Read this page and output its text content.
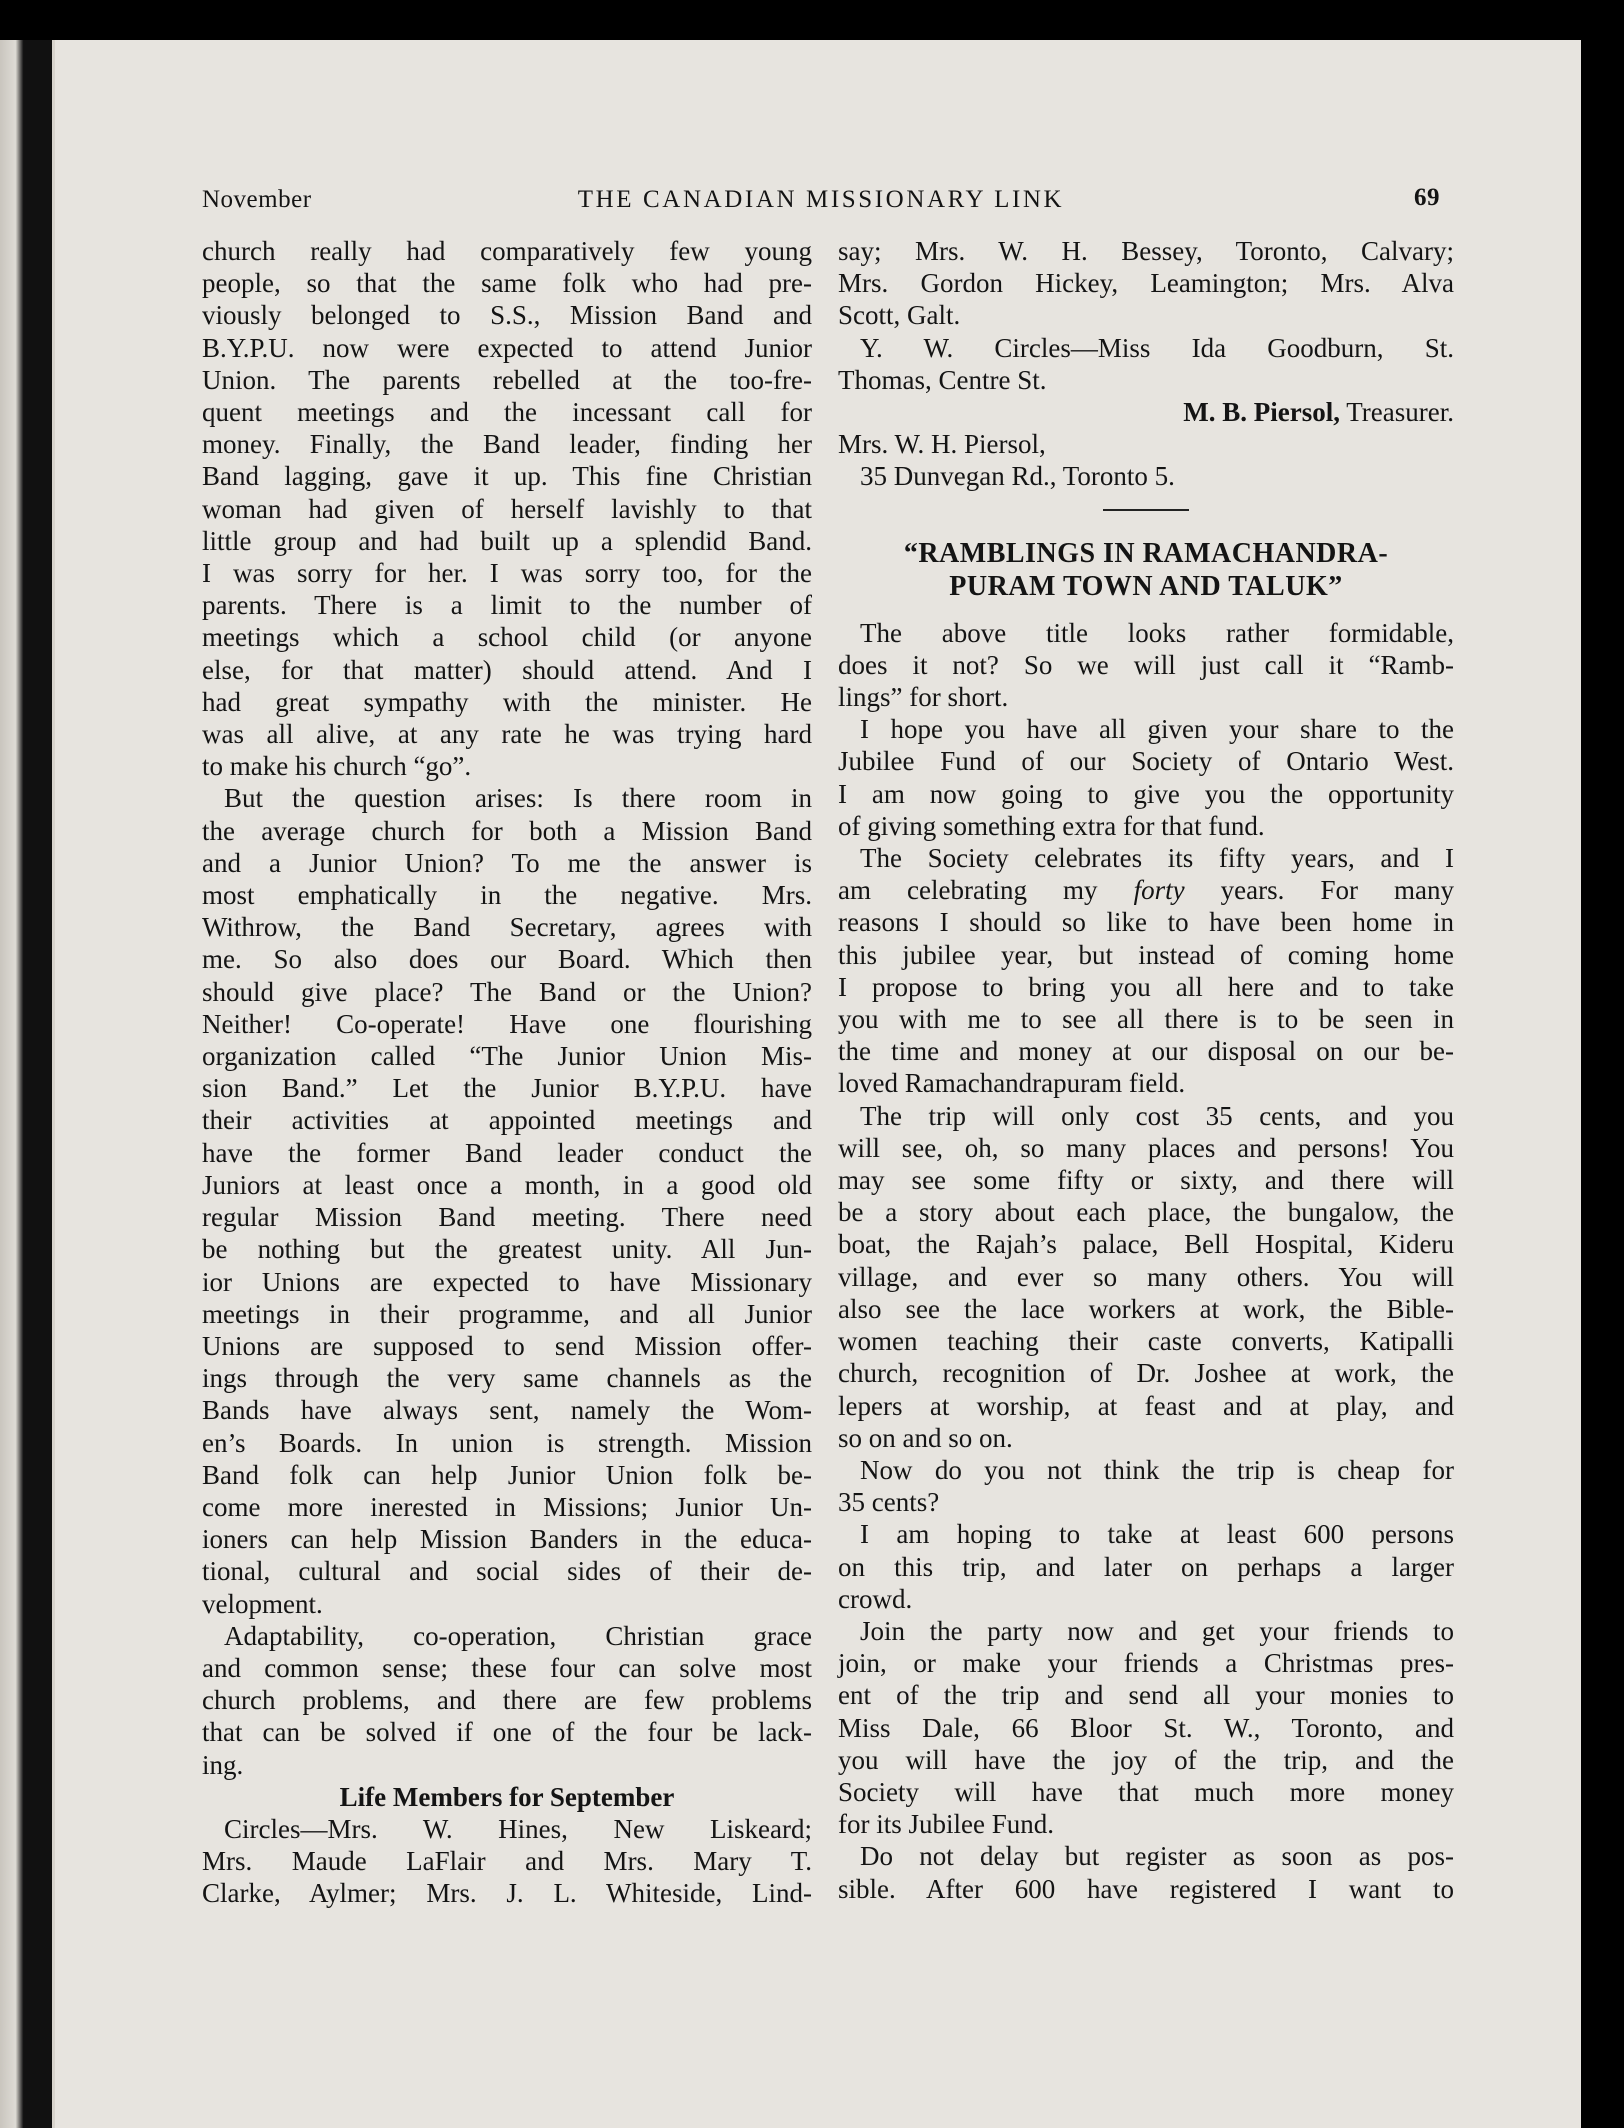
November	THE CANADIAN MISSIONARY LINK	69
church really had comparatively few young
people, so that the same folk who had pre-
viously belonged to S.S., Mission Band and
B.Y.P.U. now were expected to attend Junior
Union. The parents rebelled at the too-fre-
quent meetings and the incessant call for
money. Finally, the Band leader, finding her
Band lagging, gave it up. This fine Christian
woman had given of herself lavishly to that
little group and had built up a splendid Band.
I was sorry for her. I was sorry too, for the
parents. There is a limit to the number of
meetings which a school child (or anyone
else, for that matter) should attend. And I
had great sympathy with the minister. He
was all alive, at any rate he was trying hard
to make his church “go”.
But the question arises: Is there room in
the average church for both a Mission Band
and a Junior Union? To me the answer is
most emphatically in the negative. Mrs.
Withrow, the Band Secretary, agrees with
me. So also does our Board. Which then
should give place? The Band or the Union?
Neither! Co-operate! Have one flourishing
organization called “The Junior Union Mis-
sion Band.” Let the Junior B.Y.P.U. have
their activities at appointed meetings and
have the former Band leader conduct the
Juniors at least once a month, in a good old
regular Mission Band meeting. There need
be nothing but the greatest unity. All Jun-
ior Unions are expected to have Missionary
meetings in their programme, and all Junior
Unions are supposed to send Mission offer-
ings through the very same channels as the
Bands have always sent, namely the Wom-
en’s Boards. In union is strength. Mission
Band folk can help Junior Union folk be-
come more inerested in Missions; Junior Un-
ioners can help Mission Banders in the educa-
tional, cultural and social sides of their de-
velopment.
Adaptability, co-operation, Christian grace
and common sense; these four can solve most
church problems, and there are few problems
that can be solved if one of the four be lack-
ing.
Life Members for September
Circles—Mrs. W. Hines, New Liskeard;
Mrs. Maude LaFlair and Mrs. Mary T.
Clarke, Aylmer; Mrs. J. L. Whiteside, Lind-
say; Mrs. W. H. Bessey, Toronto, Calvary;
Mrs. Gordon Hickey, Leamington; Mrs. Alva
Scott, Galt.
Y. W. Circles—Miss Ida Goodburn, St.
Thomas, Centre St.
M. B. Piersol, Treasurer.
Mrs. W. H. Piersol,
35 Dunvegan Rd., Toronto 5.
“RAMBLINGS IN RAMACHANDRA-
PURAM TOWN AND TALUK”
The above title looks rather formidable,
does it not? So we will just call it “Ramb-
lings” for short.
I hope you have all given your share to the
Jubilee Fund of our Society of Ontario West.
I am now going to give you the opportunity
of giving something extra for that fund.
The Society celebrates its fifty years, and I
am celebrating my forty years. For many
reasons I should so like to have been home in
this jubilee year, but instead of coming home
I propose to bring you all here and to take
you with me to see all there is to be seen in
the time and money at our disposal on our be-
loved Ramachandrapuram field.
The trip will only cost 35 cents, and you
will see, oh, so many places and persons! You
may see some fifty or sixty, and there will
be a story about each place, the bungalow, the
boat, the Rajah’s palace, Bell Hospital, Kideru
village, and ever so many others. You will
also see the lace workers at work, the Bible-
women teaching their caste converts, Katipalli
church, recognition of Dr. Joshee at work, the
lepers at worship, at feast and at play, and
so on and so on.
Now do you not think the trip is cheap for
35 cents?
I am hoping to take at least 600 persons
on this trip, and later on perhaps a larger
crowd.
Join the party now and get your friends to
join, or make your friends a Christmas pres-
ent of the trip and send all your monies to
Miss Dale, 66 Bloor St. W., Toronto, and
you will have the joy of the trip, and the
Society will have that much more money
for its Jubilee Fund.
Do not delay but register as soon as pos-
sible. After 600 have registered I want to
